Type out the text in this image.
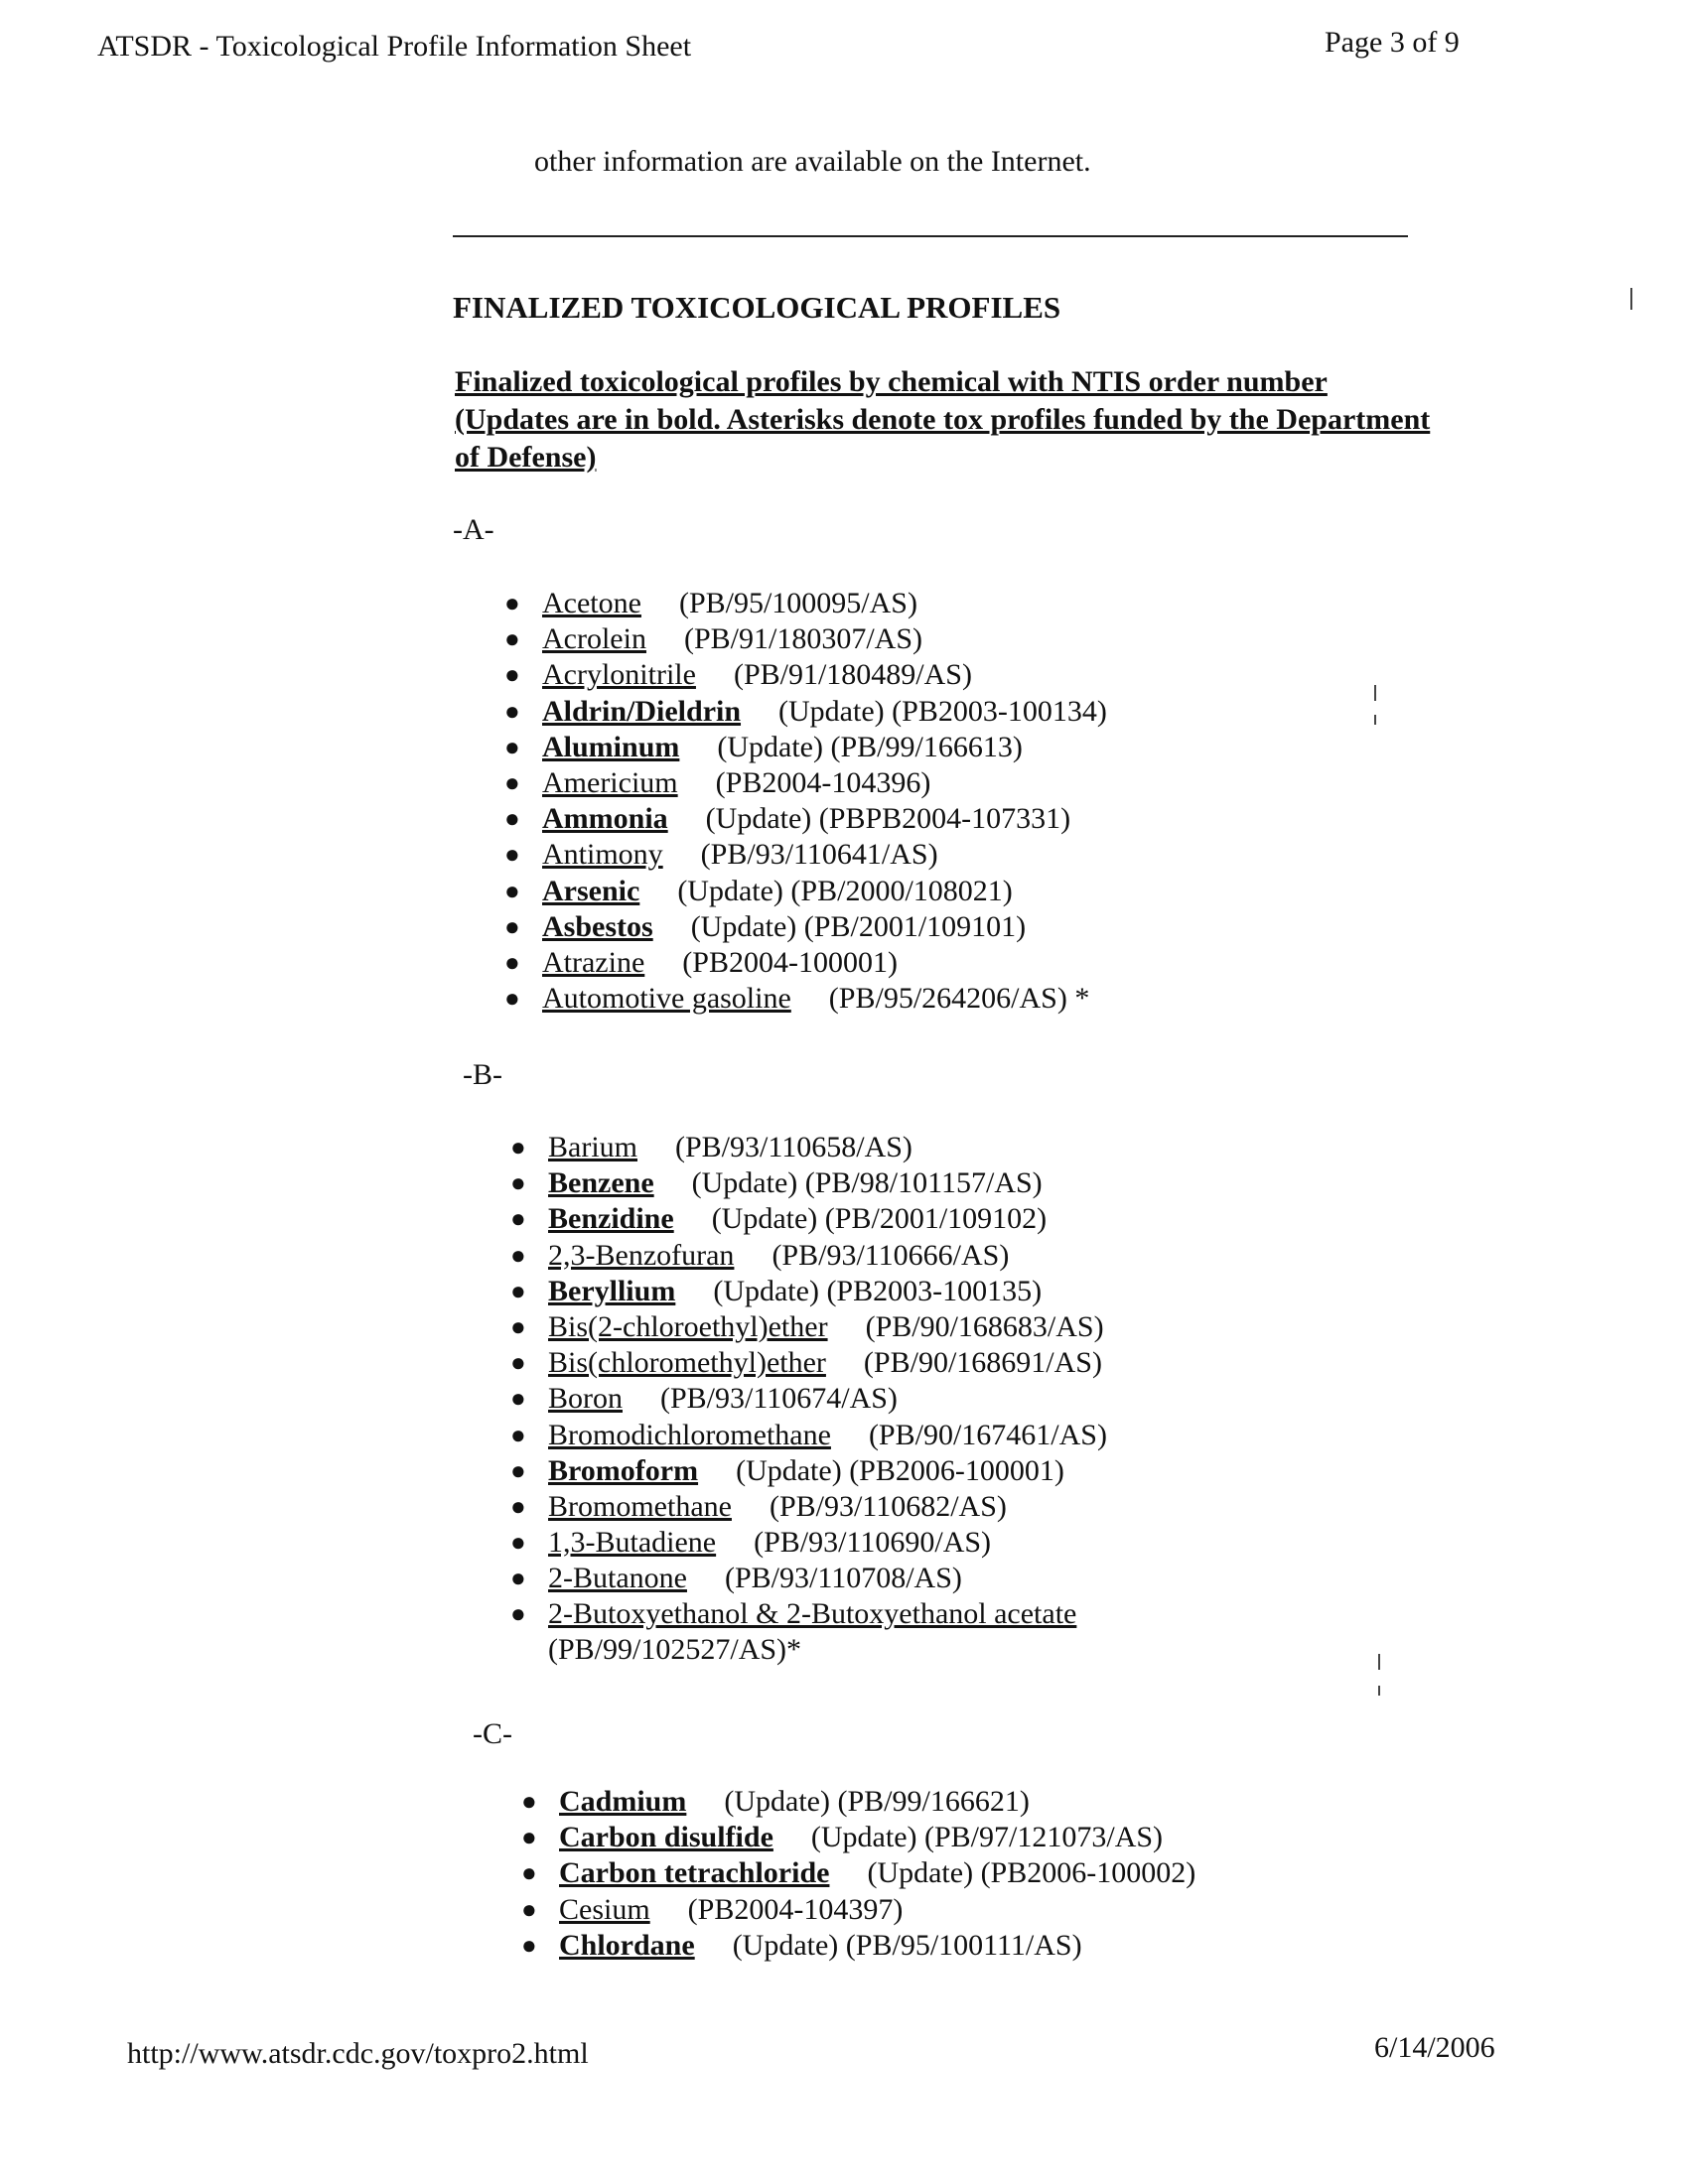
ATSDR - Toxicological Profile Information Sheet	Page 3 of 9
other information are available on the Internet.
FINALIZED TOXICOLOGICAL PROFILES
Finalized toxicological profiles by chemical with NTIS order number (Updates are in bold. Asterisks denote tox profiles funded by the Department of Defense)
-A-
● Acetone (PB/95/100095/AS)
● Acrolein (PB/91/180307/AS)
● Acrylonitrile (PB/91/180489/AS)
● Aldrin/Dieldrin (Update) (PB2003-100134)
● Aluminum (Update) (PB/99/166613)
● Americium (PB2004-104396)
● Ammonia (Update) (PBPB2004-107331)
● Antimony (PB/93/110641/AS)
● Arsenic (Update) (PB/2000/108021)
● Asbestos (Update) (PB/2001/109101)
● Atrazine (PB2004-100001)
● Automotive gasoline (PB/95/264206/AS) *
-B-
● Barium (PB/93/110658/AS)
● Benzene (Update) (PB/98/101157/AS)
● Benzidine (Update) (PB/2001/109102)
● 2,3-Benzofuran (PB/93/110666/AS)
● Beryllium (Update) (PB2003-100135)
● Bis(2-chloroethyl)ether (PB/90/168683/AS)
● Bis(chloromethyl)ether (PB/90/168691/AS)
● Boron (PB/93/110674/AS)
● Bromodichloromethane (PB/90/167461/AS)
● Bromoform (Update) (PB2006-100001)
● Bromomethane (PB/93/110682/AS)
● 1,3-Butadiene (PB/93/110690/AS)
● 2-Butanone (PB/93/110708/AS)
● 2-Butoxyethanol & 2-Butoxyethanol acetate
(PB/99/102527/AS)*
-C-
● Cadmium (Update) (PB/99/166621)
● Carbon disulfide (Update) (PB/97/121073/AS)
● Carbon tetrachloride (Update) (PB2006-100002)
● Cesium (PB2004-104397)
● Chlordane (Update) (PB/95/100111/AS)
http://www.atsdr.cdc.gov/toxpro2.html	6/14/2006
